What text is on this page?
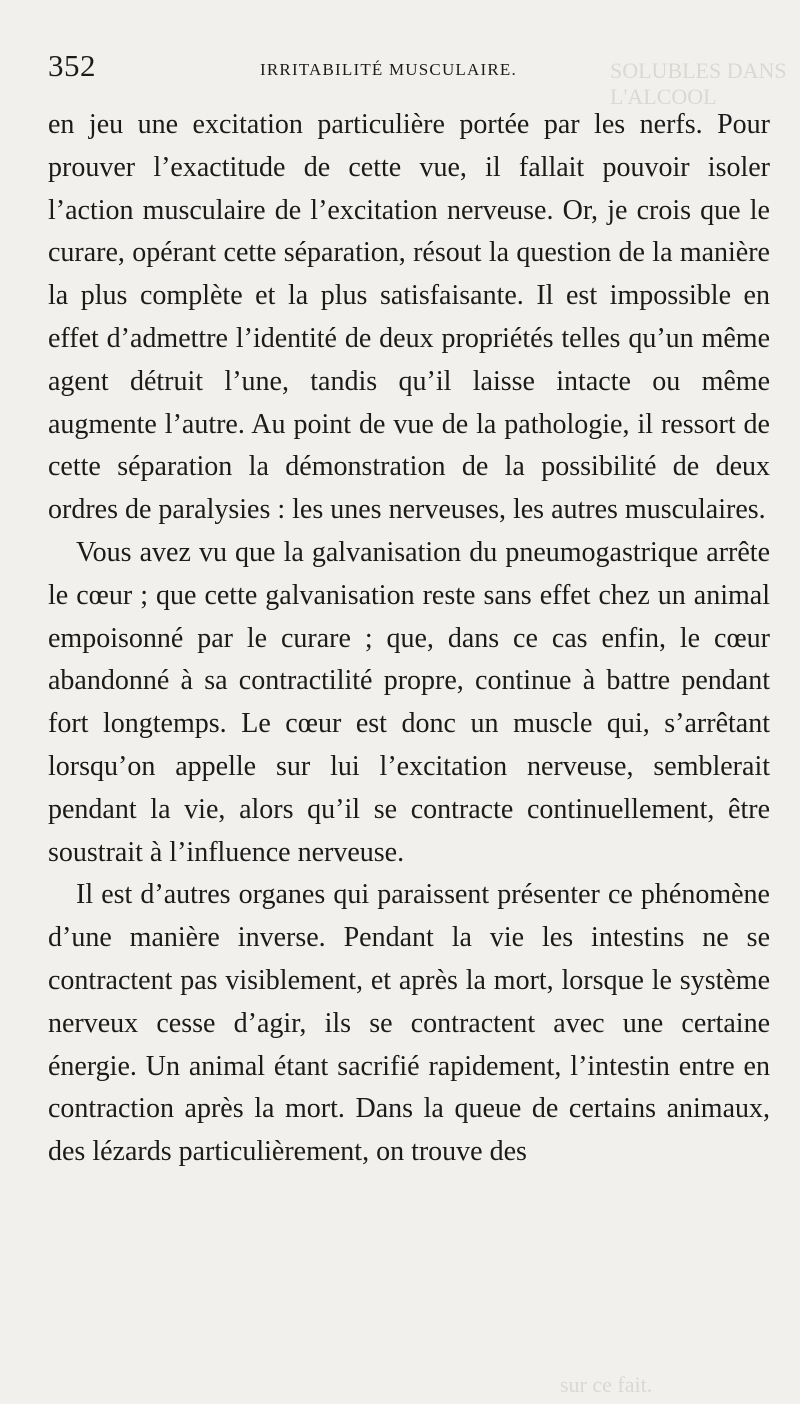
SOLUBLES DANS L'ALCOOL
sur ce fait.
352	IRRITABILITÉ MUSCULAIRE.

en jeu une excitation particulière portée par les nerfs. Pour prouver l’exactitude de cette vue, il fallait pouvoir isoler l’action musculaire de l’excitation nerveuse. Or, je crois que le curare, opérant cette séparation, résout la question de la manière la plus complète et la plus satisfaisante. Il est impossible en effet d’admettre l’identité de deux propriétés telles qu’un même agent détruit l’une, tandis qu’il laisse intacte ou même augmente l’autre. Au point de vue de la pathologie, il ressort de cette séparation la démonstration de la possibilité de deux ordres de paralysies : les unes nerveuses, les autres musculaires.

Vous avez vu que la galvanisation du pneumogastrique arrête le cœur ; que cette galvanisation reste sans effet chez un animal empoisonné par le curare ; que, dans ce cas enfin, le cœur abandonné à sa contractilité propre, continue à battre pendant fort longtemps. Le cœur est donc un muscle qui, s’arrêtant lorsqu’on appelle sur lui l’excitation nerveuse, semblerait pendant la vie, alors qu’il se contracte continuellement, être soustrait à l’influence nerveuse.

Il est d’autres organes qui paraissent présenter ce phénomène d’une manière inverse. Pendant la vie les intestins ne se contractent pas visiblement, et après la mort, lorsque le système nerveux cesse d’agir, ils se contractent avec une certaine énergie. Un animal étant sacrifié rapidement, l’intestin entre en contraction après la mort. Dans la queue de certains animaux, des lézards particulièrement, on trouve des
